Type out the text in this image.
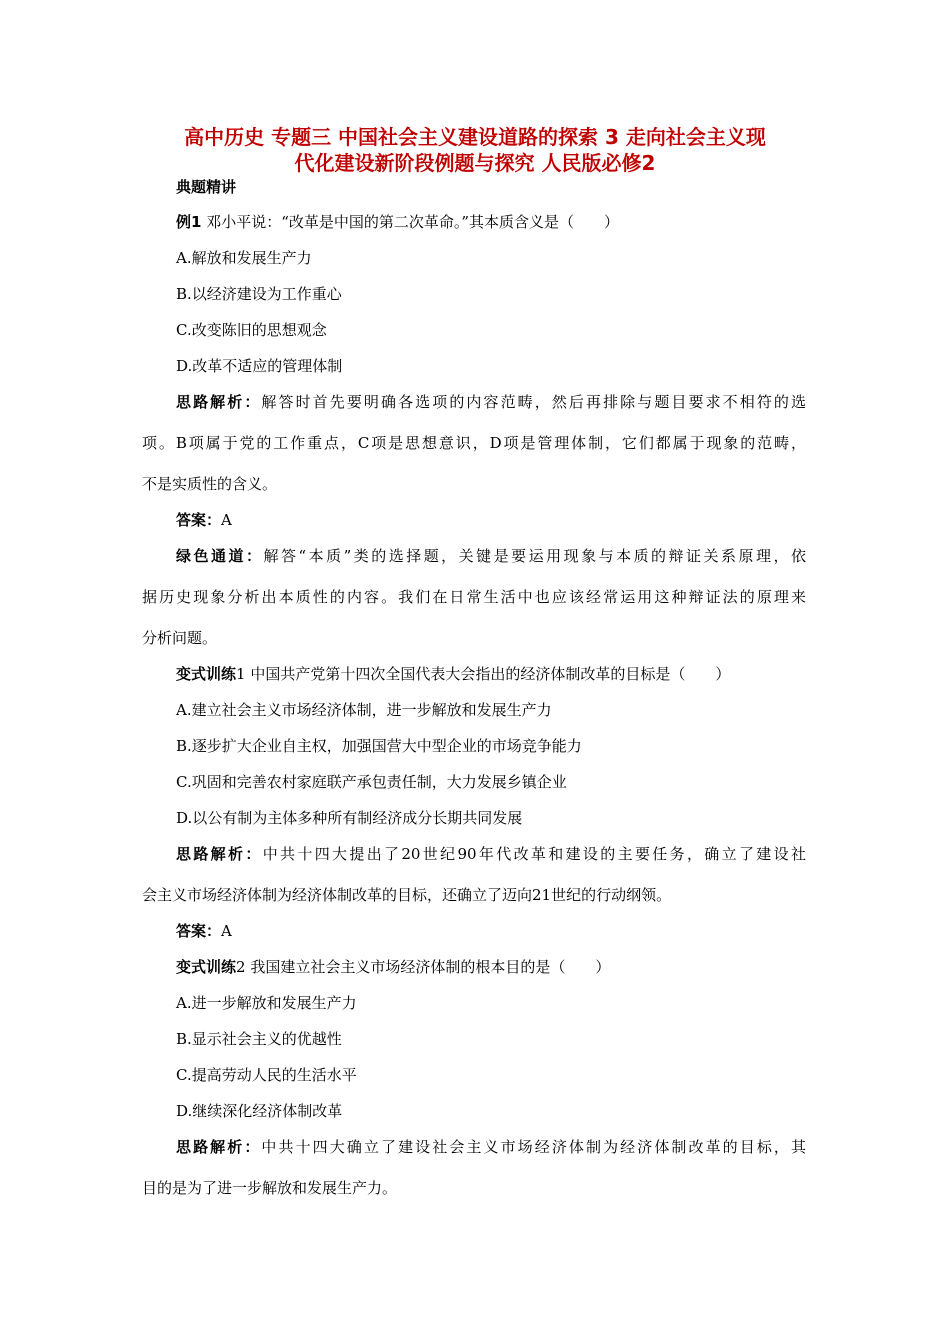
高中历史 专题三 中国社会主义建设道路的探索 3 走向社会主义现
代化建设新阶段例题与探究 人民版必修2
典题精讲
例1 邓小平说：“改革是中国的第二次革命。”其本质含义是（　　）
A.解放和发展生产力
B.以经济建设为工作重心
C.改变陈旧的思想观念
D.改革不适应的管理体制
思路解析：解答时首先要明确各选项的内容范畴，然后再排除与题目要求不相符的选
项。B项属于党的工作重点，C项是思想意识，D项是管理体制，它们都属于现象的范畴，
不是实质性的含义。
答案：A
绿色通道：解答“本质”类的选择题，关键是要运用现象与本质的辩证关系原理，依
据历史现象分析出本质性的内容。我们在日常生活中也应该经常运用这种辩证法的原理来
分析问题。
变式训练1 中国共产党第十四次全国代表大会指出的经济体制改革的目标是（　　）
A.建立社会主义市场经济体制，进一步解放和发展生产力
B.逐步扩大企业自主权，加强国营大中型企业的市场竞争能力
C.巩固和完善农村家庭联产承包责任制，大力发展乡镇企业
D.以公有制为主体多种所有制经济成分长期共同发展
思路解析：中共十四大提出了20世纪90年代改革和建设的主要任务，确立了建设社
会主义市场经济体制为经济体制改革的目标，还确立了迈向21世纪的行动纲领。
答案：A
变式训练2 我国建立社会主义市场经济体制的根本目的是（　　）
A.进一步解放和发展生产力
B.显示社会主义的优越性
C.提高劳动人民的生活水平
D.继续深化经济体制改革
思路解析：中共十四大确立了建设社会主义市场经济体制为经济体制改革的目标，其
目的是为了进一步解放和发展生产力。
